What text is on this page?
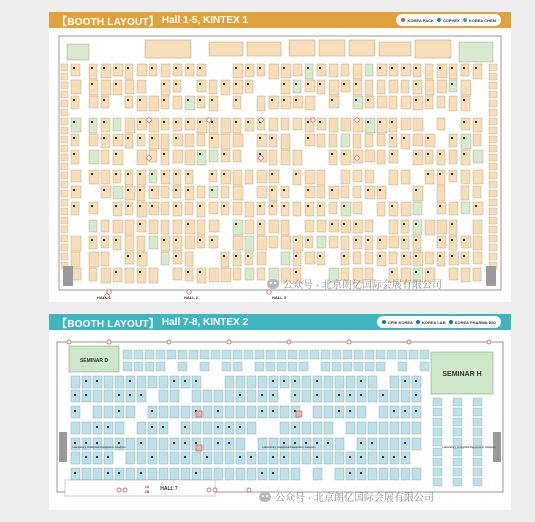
【BOOTH LAYOUT】 Hall 1-5, KINTEX 1	KOREA PACK COPHEX KOREA CHEM
HALL 1	HALL 2	HALL 3
公众号 · 北京朗亿国际会展有限公司
【BOOTH LAYOUT】 Hall 7-8, KINTEX 2	CPHI KOREA KOREA LAB KOREA PHARMA·BIO
SEMINAR D
SEMINAR H
Laboratory, Analytical Equipment, Analysis	Laboratory, Analytical Equipment, Analysis	Laboratory, Analytical Equipment, Analysis
HALL 7
2A
2B
公众号 · 北京朗亿国际会展有限公司
